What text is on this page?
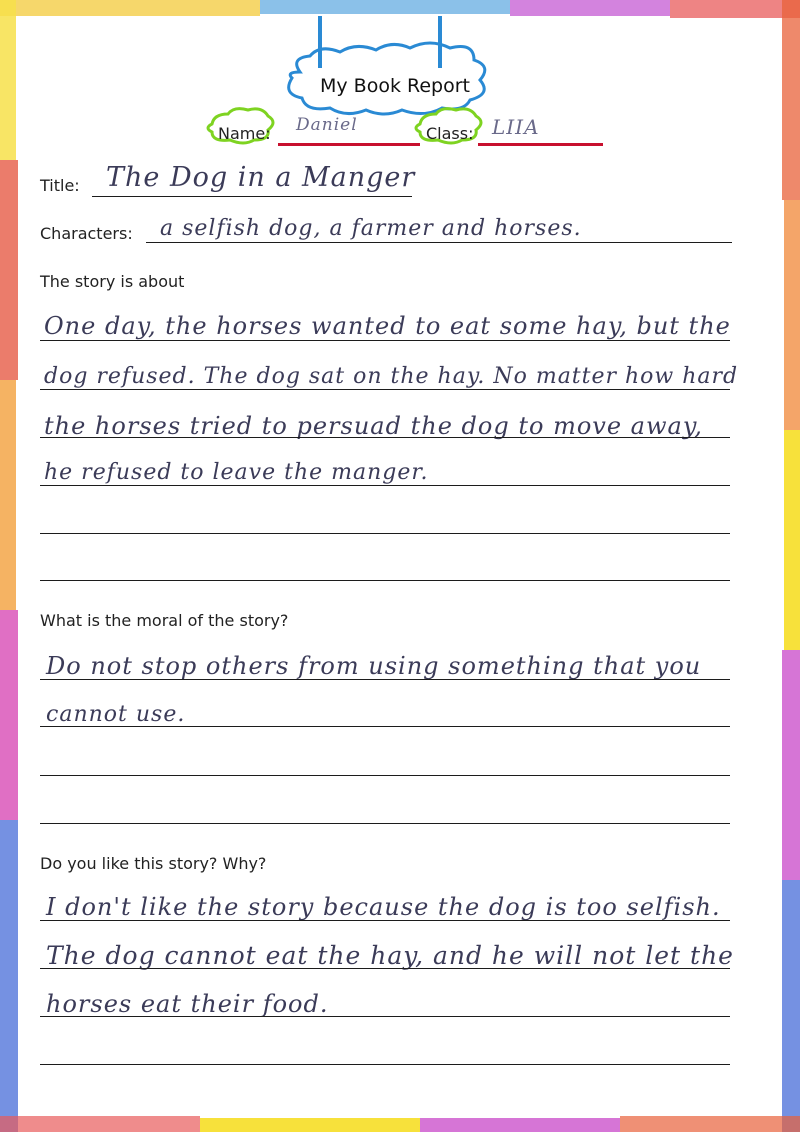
My Book Report
Name: Daniel	Class: LIIA
Title: The Dog in a Manger
Characters: a selfish dog, a farmer and horses.
The story is about
One day, the horses wanted to eat some hay, but the
dog refused. The dog sat on the hay. No matter how hard
the horses tried to persuad the dog to move away,
he refused to leave the manger.
What is the moral of the story?
Do not stop others from using something that you
cannot use.
Do you like this story? Why?
I don't like the story because the dog is too selfish.
The dog cannot eat the hay, and he will not let the
horses eat their food.
